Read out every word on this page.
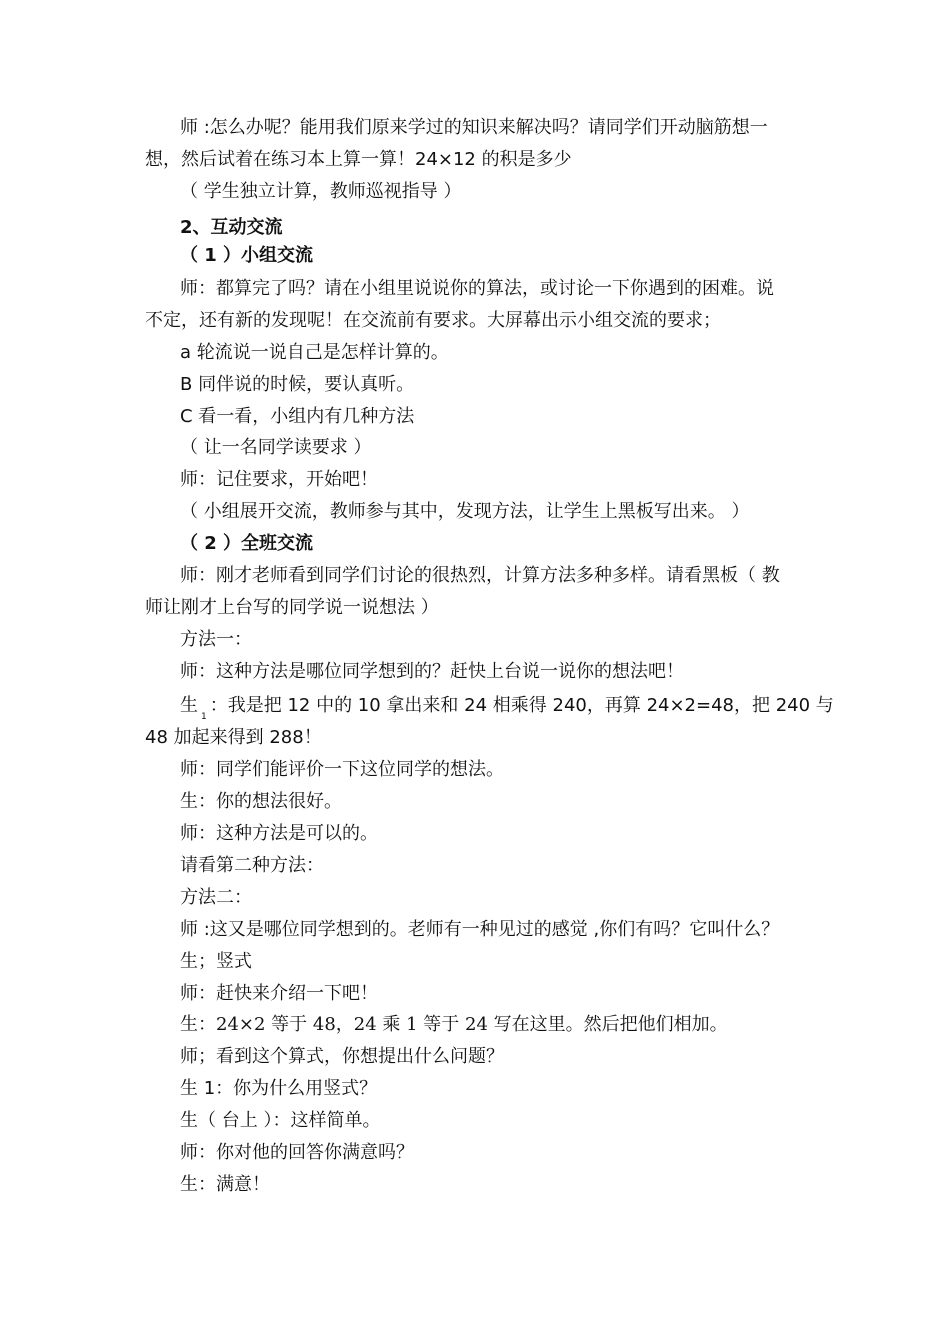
师 :怎么办呢？能用我们原来学过的知识来解决吗？请同学们开动脑筋想一
想，然后试着在练习本上算一算！24×12 的积是多少
（ 学生独立计算，教师巡视指导 ）
2、互动交流
（ 1 ）小组交流
师：都算完了吗？请在小组里说说你的算法，或讨论一下你遇到的困难。说
不定，还有新的发现呢！在交流前有要求。大屏幕出示小组交流的要求；
a 轮流说一说自己是怎样计算的。
B 同伴说的时候，要认真听。
C 看一看，小组内有几种方法
（ 让一名同学读要求 ）
师：记住要求，开始吧！
（ 小组展开交流，教师参与其中，发现方法，让学生上黑板写出来。 ）
（ 2 ）全班交流
师：刚才老师看到同学们讨论的很热烈，计算方法多种多样。请看黑板（ 教
师让刚才上台写的同学说一说想法 ）
方法一：
师：这种方法是哪位同学想到的？赶快上台说一说你的想法吧！
生$_1$：我是把 12 中的 10 拿出来和 24 相乘得 240，再算 24×2=48，把 240 与
48 加起来得到 288！
师：同学们能评价一下这位同学的想法。
生：你的想法很好。
师：这种方法是可以的。
请看第二种方法：
方法二：
师 :这又是哪位同学想到的。老师有一种见过的感觉 ,你们有吗？它叫什么？
生；竖式
师：赶快来介绍一下吧！
生：24×2 等于 48，24 乘 1 等于 24 写在这里。然后把他们相加。
师；看到这个算式，你想提出什么问题？
生 1：你为什么用竖式？
生（ 台上 ）：这样简单。
师：你对他的回答你满意吗？
生：满意！
